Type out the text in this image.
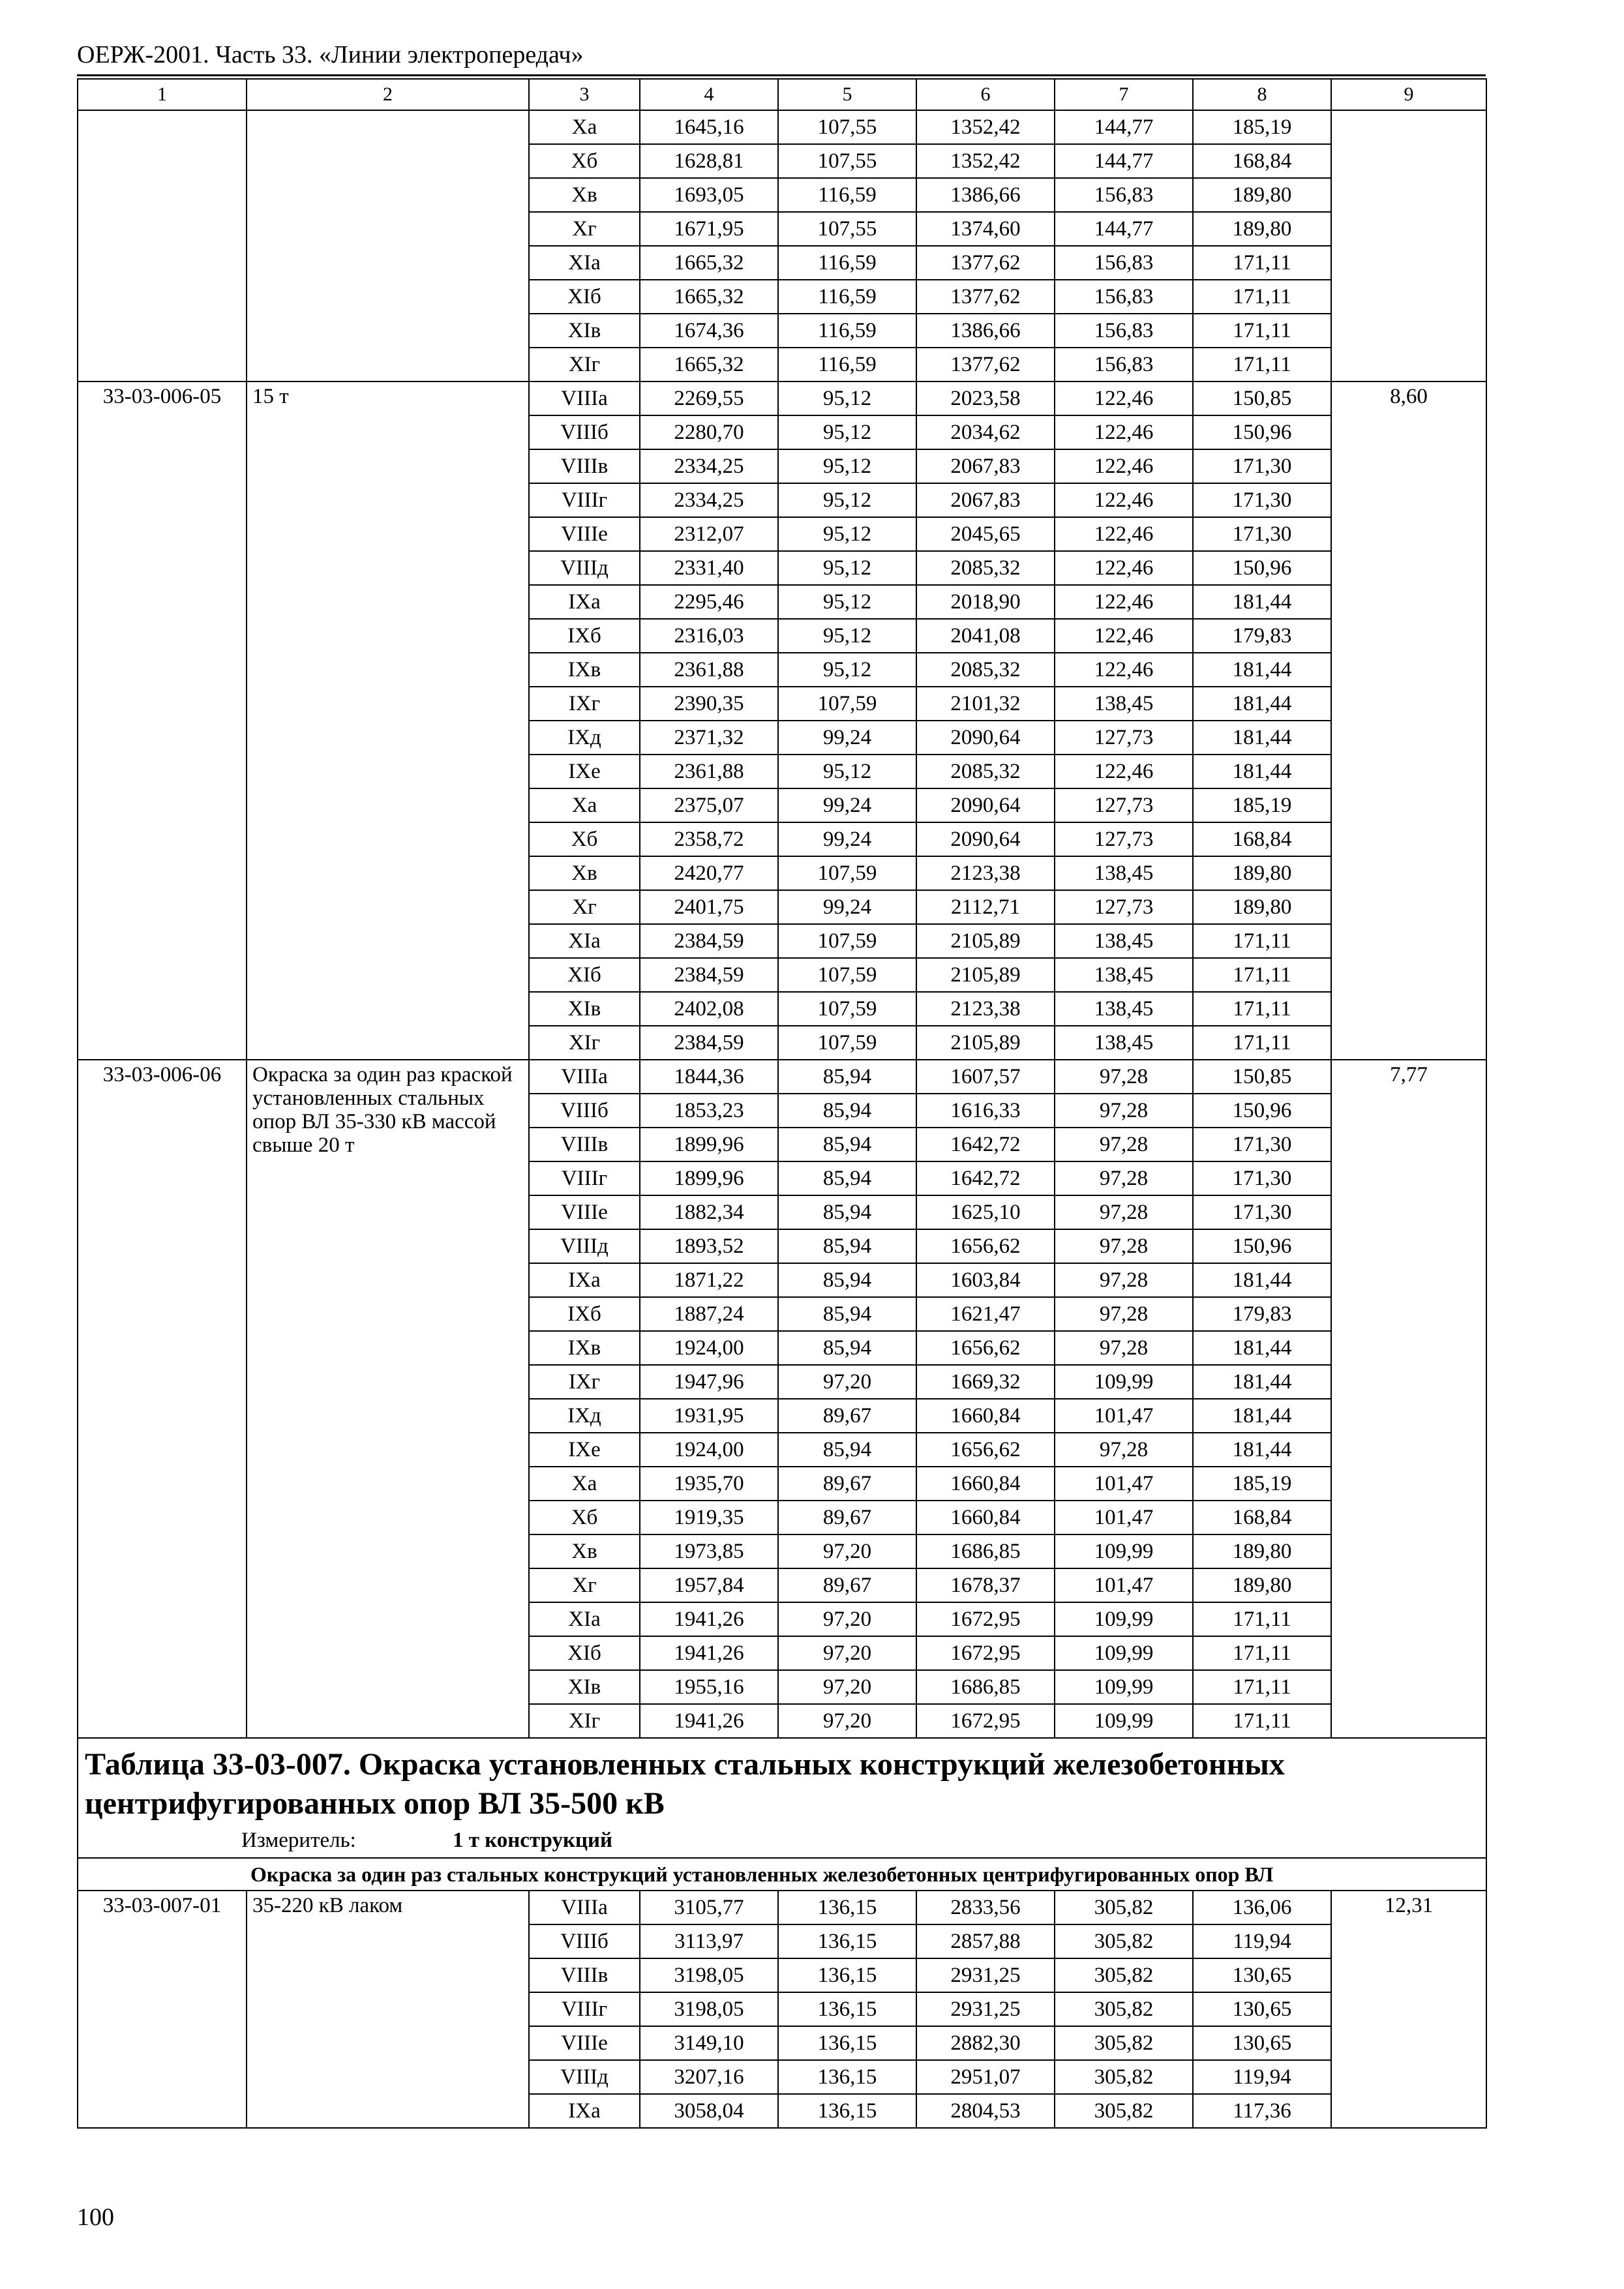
ОЕРЖ-2001. Часть 33. «Линии электропередач»
1	2	3	4	5	6	7	8	9
		Xa	1645,16	107,55	1352,42	144,77	185,19	
		Xб	1628,81	107,55	1352,42	144,77	168,84	
		Xв	1693,05	116,59	1386,66	156,83	189,80	
		Xг	1671,95	107,55	1374,60	144,77	189,80	
		XIa	1665,32	116,59	1377,62	156,83	171,11	
		XIб	1665,32	116,59	1377,62	156,83	171,11	
		XIв	1674,36	116,59	1386,66	156,83	171,11	
		XIг	1665,32	116,59	1377,62	156,83	171,11	
33-03-006-05	15 т	VIIIa	2269,55	95,12	2023,58	122,46	150,85	8,60
		VIIIб	2280,70	95,12	2034,62	122,46	150,96	
		VIIIв	2334,25	95,12	2067,83	122,46	171,30	
		VIIIг	2334,25	95,12	2067,83	122,46	171,30	
		VIIIe	2312,07	95,12	2045,65	122,46	171,30	
		VIIIд	2331,40	95,12	2085,32	122,46	150,96	
		IXa	2295,46	95,12	2018,90	122,46	181,44	
		IXб	2316,03	95,12	2041,08	122,46	179,83	
		IXв	2361,88	95,12	2085,32	122,46	181,44	
		IXг	2390,35	107,59	2101,32	138,45	181,44	
		IXд	2371,32	99,24	2090,64	127,73	181,44	
		IXe	2361,88	95,12	2085,32	122,46	181,44	
		Xa	2375,07	99,24	2090,64	127,73	185,19	
		Xб	2358,72	99,24	2090,64	127,73	168,84	
		Xв	2420,77	107,59	2123,38	138,45	189,80	
		Xг	2401,75	99,24	2112,71	127,73	189,80	
		XIa	2384,59	107,59	2105,89	138,45	171,11	
		XIб	2384,59	107,59	2105,89	138,45	171,11	
		XIв	2402,08	107,59	2123,38	138,45	171,11	
		XIг	2384,59	107,59	2105,89	138,45	171,11	
33-03-006-06	Окраска за один раз краской установленных стальных опор ВЛ 35-330 кВ массой свыше 20 т	VIIIa	1844,36	85,94	1607,57	97,28	150,85	7,77
		VIIIб	1853,23	85,94	1616,33	97,28	150,96	
		VIIIв	1899,96	85,94	1642,72	97,28	171,30	
		VIIIг	1899,96	85,94	1642,72	97,28	171,30	
		VIIIe	1882,34	85,94	1625,10	97,28	171,30	
		VIIIд	1893,52	85,94	1656,62	97,28	150,96	
		IXa	1871,22	85,94	1603,84	97,28	181,44	
		IXб	1887,24	85,94	1621,47	97,28	179,83	
		IXв	1924,00	85,94	1656,62	97,28	181,44	
		IXг	1947,96	97,20	1669,32	109,99	181,44	
		IXд	1931,95	89,67	1660,84	101,47	181,44	
		IXe	1924,00	85,94	1656,62	97,28	181,44	
		Xa	1935,70	89,67	1660,84	101,47	185,19	
		Xб	1919,35	89,67	1660,84	101,47	168,84	
		Xв	1973,85	97,20	1686,85	109,99	189,80	
		Xг	1957,84	89,67	1678,37	101,47	189,80	
		XIa	1941,26	97,20	1672,95	109,99	171,11	
		XIб	1941,26	97,20	1672,95	109,99	171,11	
		XIв	1955,16	97,20	1686,85	109,99	171,11	
		XIг	1941,26	97,20	1672,95	109,99	171,11	

Таблица 33-03-007. Окраска установленных стальных конструкций железобетонных центрифугированных опор ВЛ 35-500 кВ
Измеритель: 1 т конструкций								

Окраска за один раз стальных конструкций установленных железобетонных центрифугированных опор ВЛ								
33-03-007-01	35-220 кВ лаком	VIIIa	3105,77	136,15	2833,56	305,82	136,06	12,31
		VIIIб	3113,97	136,15	2857,88	305,82	119,94	
		VIIIв	3198,05	136,15	2931,25	305,82	130,65	
		VIIIг	3198,05	136,15	2931,25	305,82	130,65	
		VIIIe	3149,10	136,15	2882,30	305,82	130,65	
		VIIIд	3207,16	136,15	2951,07	305,82	119,94	
		IXa	3058,04	136,15	2804,53	305,82	117,36	
100
